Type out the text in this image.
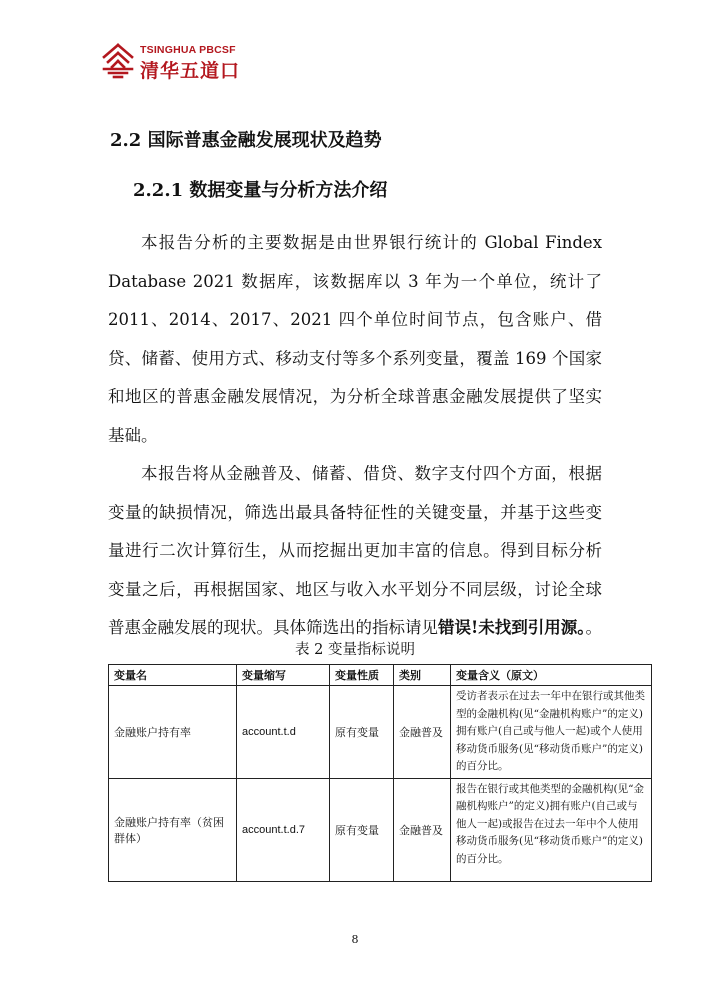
TSINGHUA PBCSF
清华五道口
2.2 国际普惠金融发展现状及趋势
2.2.1 数据变量与分析方法介绍

本报告分析的主要数据是由世界银行统计的 Global Findex Database 2021 数据库，该数据库以 3 年为一个单位，统计了 2011、2014、2017、2021 四个单位时间节点，包含账户、借贷、储蓄、使用方式、移动支付等多个系列变量，覆盖 169 个国家和地区的普惠金融发展情况，为分析全球普惠金融发展提供了坚实基础。

本报告将从金融普及、储蓄、借贷、数字支付四个方面，根据变量的缺损情况，筛选出最具备特征性的关键变量，并基于这些变量进行二次计算衍生，从而挖掘出更加丰富的信息。得到目标分析变量之后，再根据国家、地区与收入水平划分不同层级，讨论全球普惠金融发展的现状。具体筛选出的指标请见错误!未找到引用源。。

表 2 变量指标说明
变量名	变量缩写	变量性质	类别	变量含义（原文）
金融账户持有率	account.t.d	原有变量	金融普及	受访者表示在过去一年中在银行或其他类型的金融机构(见“金融机构账户”的定义)拥有账户(自己或与他人一起)或个人使用移动货币服务(见“移动货币账户”的定义)的百分比。
金融账户持有率（贫困群体）	account.t.d.7	原有变量	金融普及	报告在银行或其他类型的金融机构(见“金融机构账户”的定义)拥有账户(自己或与他人一起)或报告在过去一年中个人使用移动货币服务(见“移动货币账户”的定义)的百分比。
8
